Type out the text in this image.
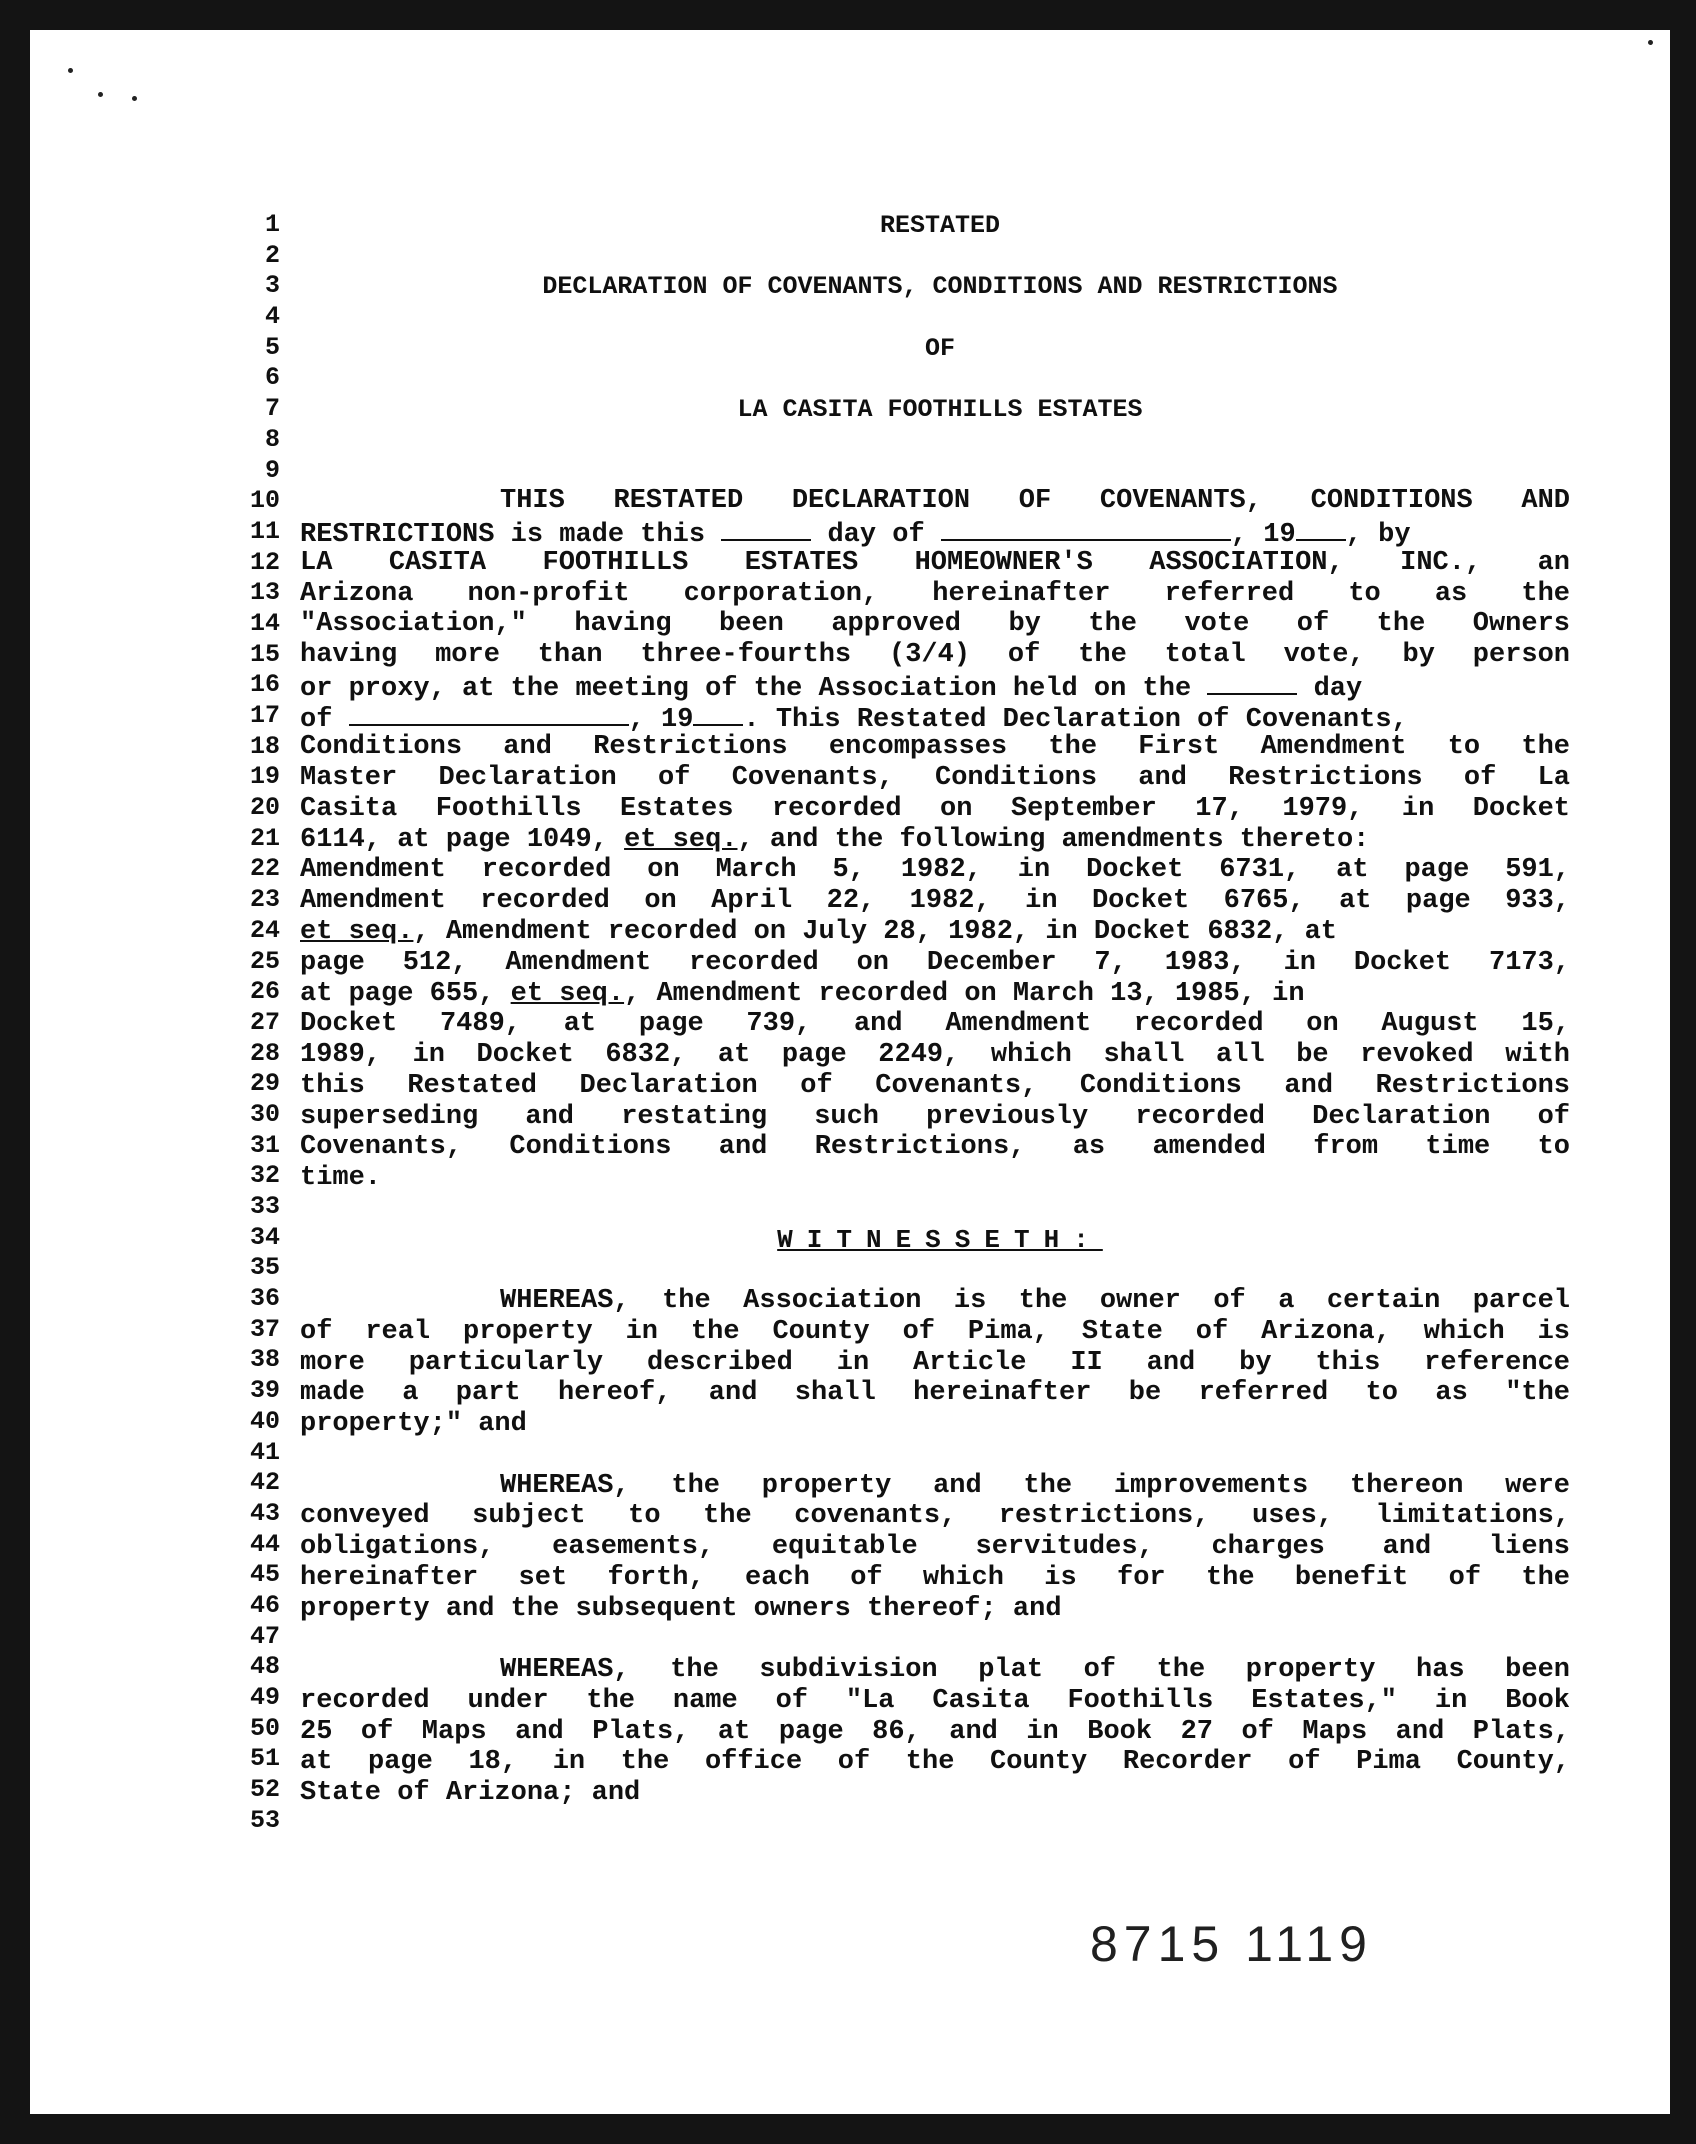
1
2
3
4
5
6
7
8
9
10
11
12
13
14
15
16
17
18
19
20
21
22
23
24
25
26
27
28
29
30
31
32
33
34
35
36
37
38
39
40
41
42
43
44
45
46
47
48
49
50
51
52
53
RESTATED
DECLARATION OF COVENANTS, CONDITIONS AND RESTRICTIONS
OF
LA CASITA FOOTHILLS ESTATES
THIS RESTATED DECLARATION OF COVENANTS, CONDITIONS AND
RESTRICTIONS is made this	day of	, 19 , by
LA CASITA FOOTHILLS ESTATES HOMEOWNER'S ASSOCIATION, INC., an
Arizona non-profit corporation, hereinafter referred to as the
"Association," having been approved by the vote of the Owners
having more than three-fourths (3/4) of the total vote, by person
or proxy, at the meeting of the Association held on the	day
of	, 19 . This Restated Declaration of Covenants,
Conditions and Restrictions encompasses the First Amendment to the
Master Declaration of Covenants, Conditions and Restrictions of La
Casita Foothills Estates recorded on September 17, 1979, in Docket
6114, at page 1049, et seq., and the following amendments thereto:
Amendment recorded on March 5, 1982, in Docket 6731, at page 591,
Amendment recorded on April 22, 1982, in Docket 6765, at page 933,
et seq., Amendment recorded on July 28, 1982, in Docket 6832, at
page 512, Amendment recorded on December 7, 1983, in Docket 7173,
at page 655, et seq., Amendment recorded on March 13, 1985, in
Docket 7489, at page 739, and Amendment recorded on August 15,
1989, in Docket 6832, at page 2249, which shall all be revoked with
this Restated Declaration of Covenants, Conditions and Restrictions
superseding and restating such previously recorded Declaration of
Covenants, Conditions and Restrictions, as amended from time to
time.
WITNESSETH:
WHEREAS, the Association is the owner of a certain parcel
of real property in the County of Pima, State of Arizona, which is
more particularly described in Article II and by this reference
made a part hereof, and shall hereinafter be referred to as "the
property;" and
WHEREAS, the property and the improvements thereon were
conveyed subject to the covenants, restrictions, uses, limitations,
obligations, easements, equitable servitudes, charges and liens
hereinafter set forth, each of which is for the benefit of the
property and the subsequent owners thereof; and
WHEREAS, the subdivision plat of the property has been
recorded under the name of "La Casita Foothills Estates," in Book
25 of Maps and Plats, at page 86, and in Book 27 of Maps and Plats,
at page 18, in the office of the County Recorder of Pima County,
State of Arizona; and
8715 1119
